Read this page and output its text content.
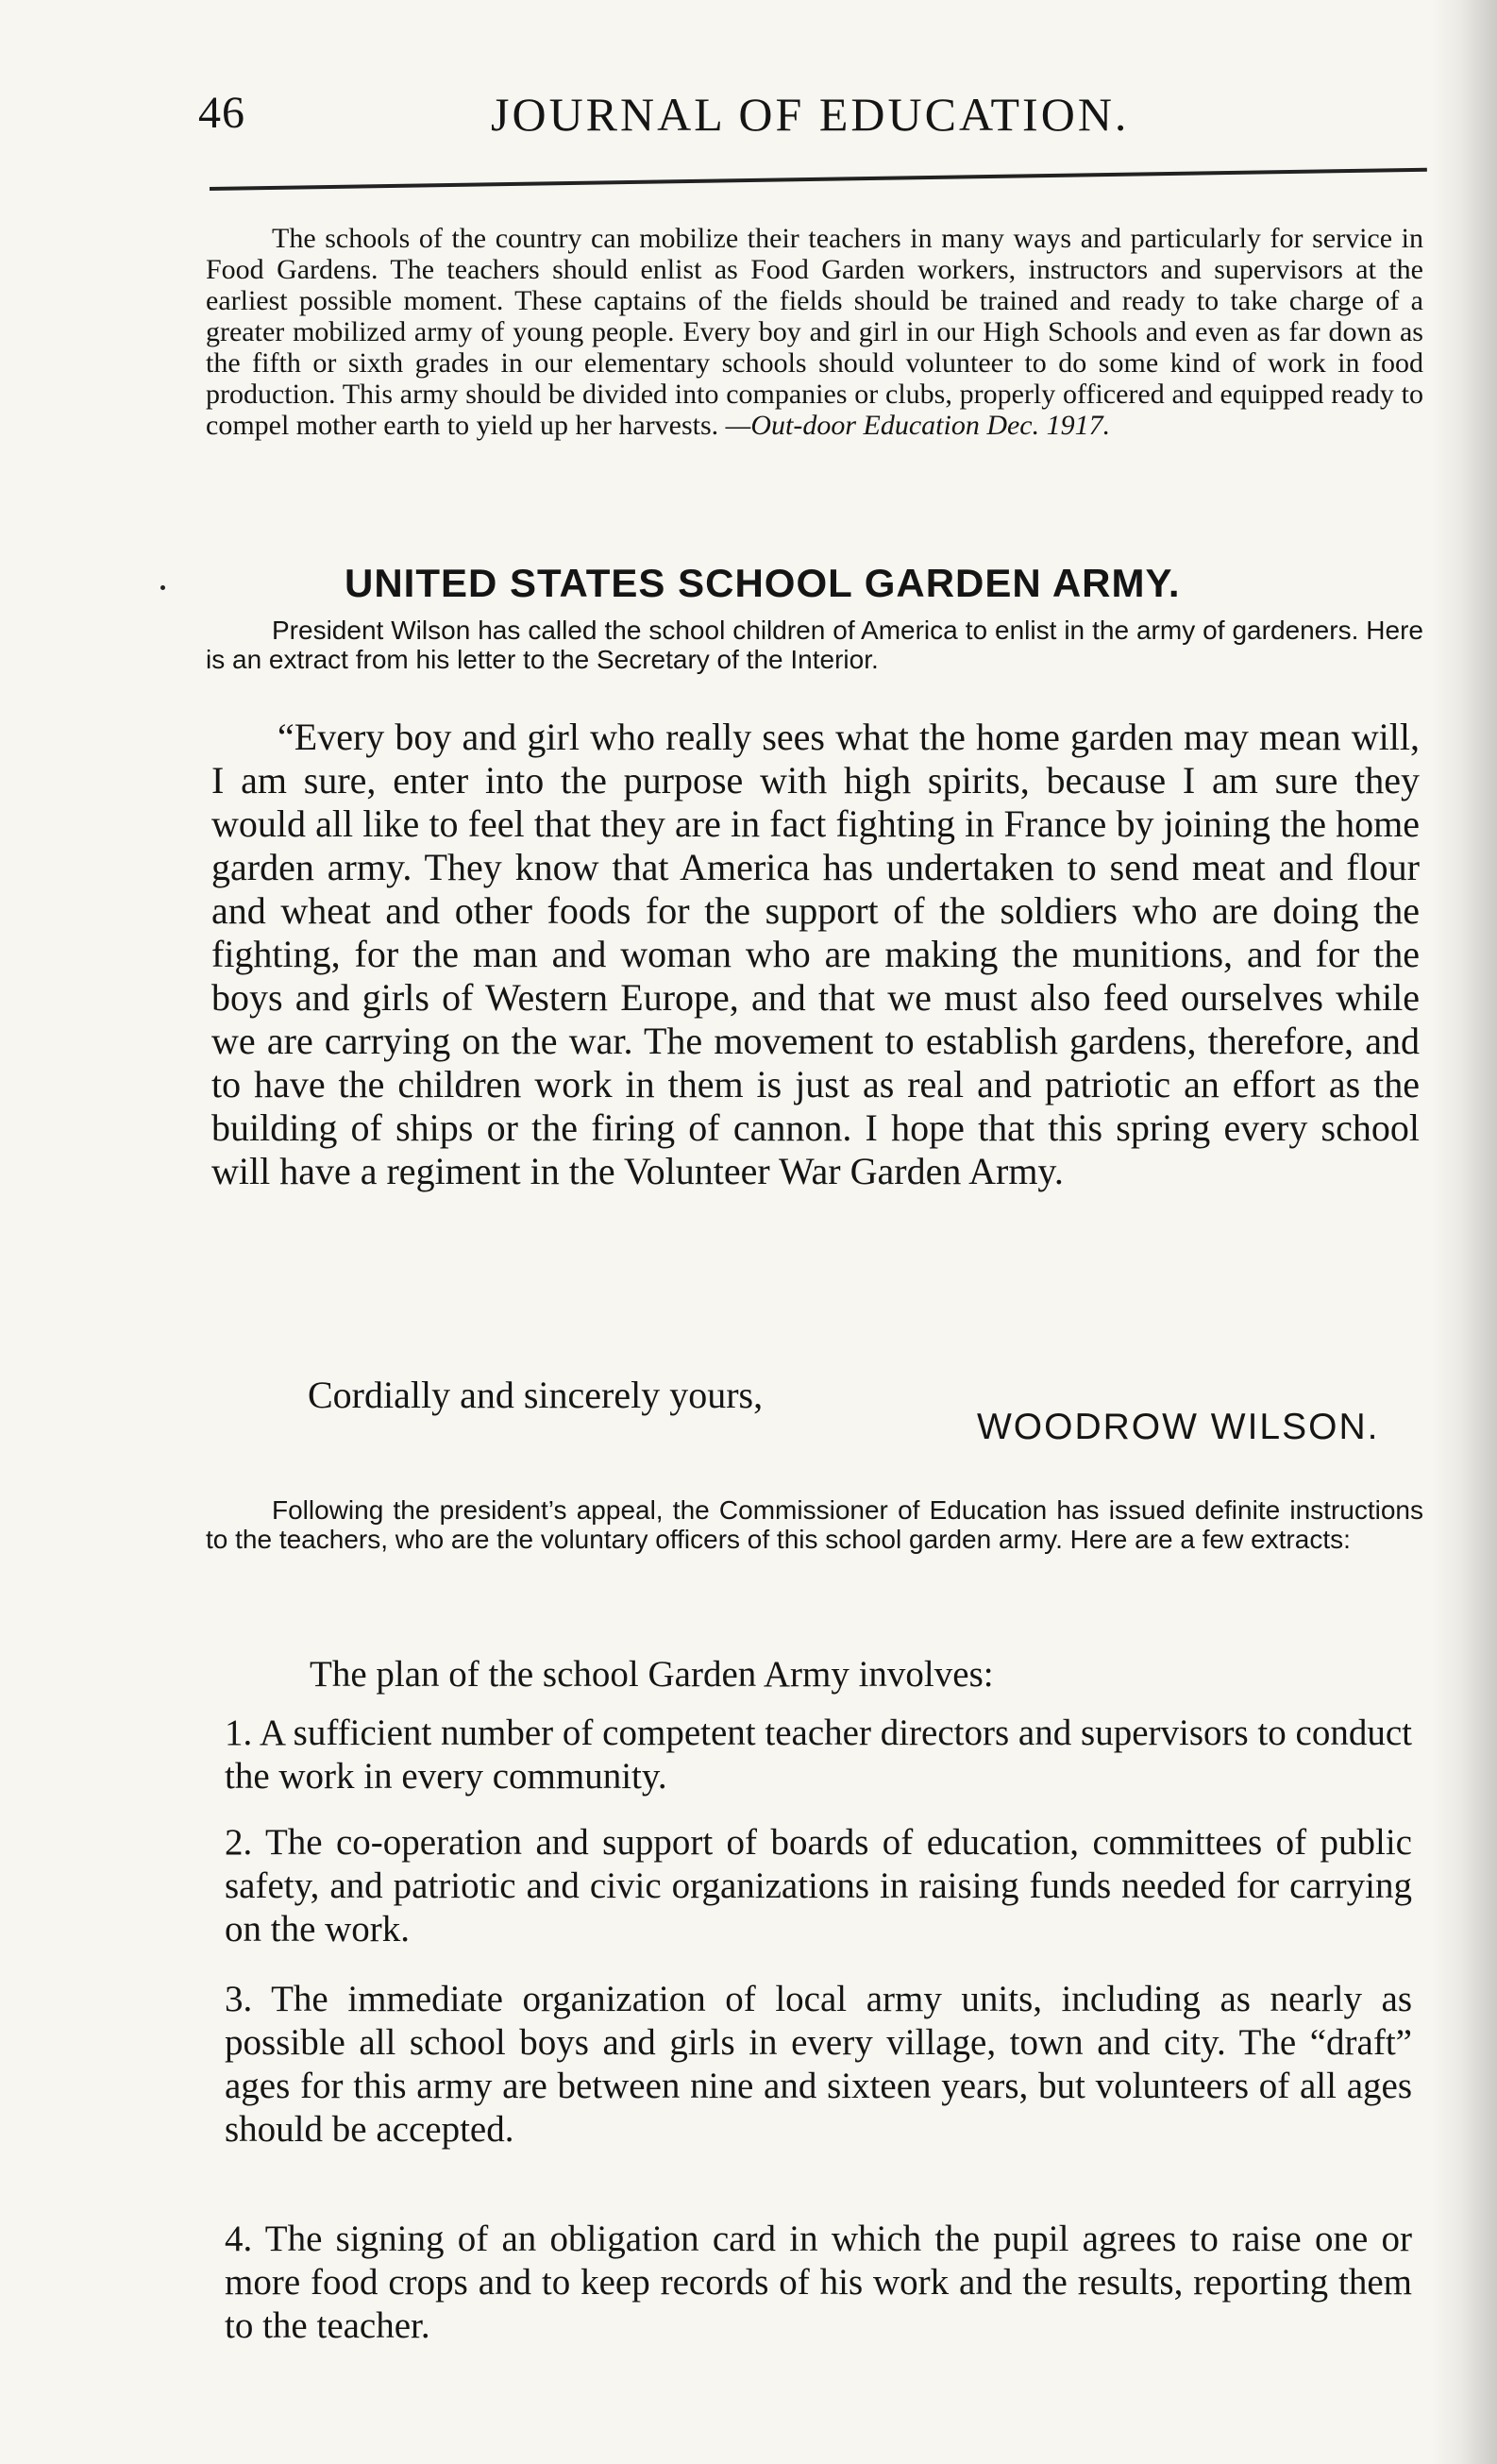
46	JOURNAL OF EDUCATION.

The schools of the country can mobilize their teachers in many ways and particularly for service in Food Gardens. The teachers should enlist as Food Garden workers, instructors and supervisors at the earliest possible moment. These captains of the fields should be trained and ready to take charge of a greater mobilized army of young people. Every boy and girl in our High Schools and even as far down as the fifth or sixth grades in our elementary schools should volunteer to do some kind of work in food production. This army should be divided into companies or clubs, properly officered and equipped ready to compel mother earth to yield up her harvests. —Out-door Education Dec. 1917.

UNITED STATES SCHOOL GARDEN ARMY.

President Wilson has called the school children of America to enlist in the army of gardeners. Here is an extract from his letter to the Secretary of the Interior.

“Every boy and girl who really sees what the home garden may mean will, I am sure, enter into the purpose with high spirits, because I am sure they would all like to feel that they are in fact fighting in France by joining the home garden army. They know that America has undertaken to send meat and flour and wheat and other foods for the support of the soldiers who are doing the fighting, for the man and woman who are making the munitions, and for the boys and girls of Western Europe, and that we must also feed ourselves while we are carrying on the war. The movement to establish gardens, therefore, and to have the children work in them is just as real and patriotic an effort as the building of ships or the firing of cannon. I hope that this spring every school will have a regiment in the Volunteer War Garden Army.

Cordially and sincerely yours,
WOODROW WILSON.

Following the president’s appeal, the Commissioner of Education has issued definite instructions to the teachers, who are the voluntary officers of this school garden army. Here are a few extracts:

The plan of the school Garden Army involves:

1. A sufficient number of competent teacher directors and supervisors to conduct the work in every community.

2. The co-operation and support of boards of education, committees of public safety, and patriotic and civic organizations in raising funds needed for carrying on the work.

3. The immediate organization of local army units, including as nearly as possible all school boys and girls in every village, town and city. The “draft” ages for this army are between nine and sixteen years, but volunteers of all ages should be accepted.

4. The signing of an obligation card in which the pupil agrees to raise one or more food crops and to keep records of his work and the results, reporting them to the teacher.
